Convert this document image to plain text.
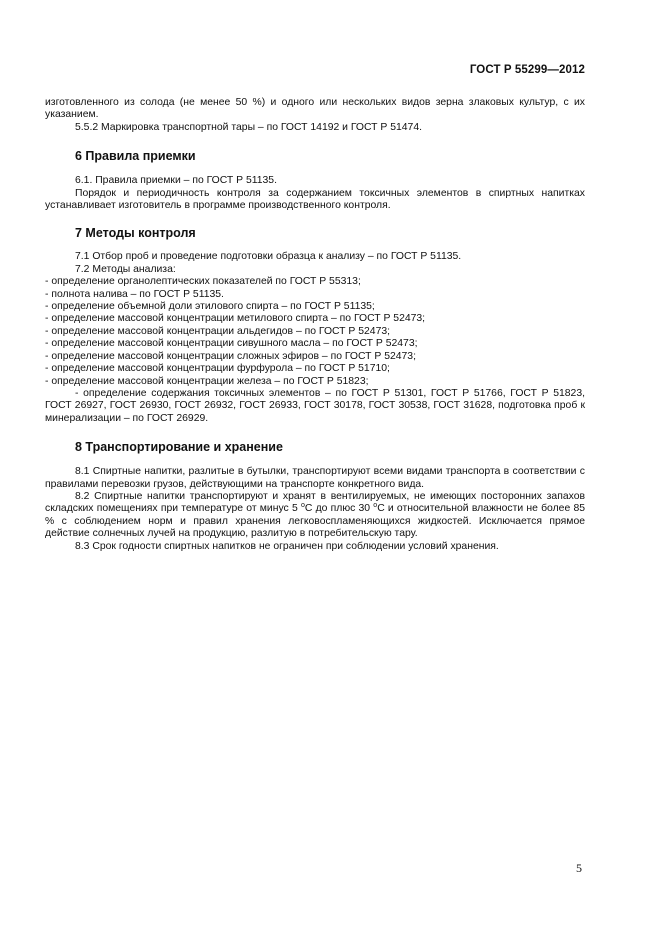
ГОСТ Р 55299—2012

изготовленного из солода (не менее 50 %) и одного или нескольких видов зерна злаковых культур, с их указанием.

5.5.2 Маркировка транспортной тары – по ГОСТ 14192 и ГОСТ Р 51474.

6 Правила приемки

6.1. Правила приемки – по ГОСТ Р 51135.

Порядок и периодичность контроля за содержанием токсичных элементов в спиртных напитках устанавливает изготовитель в программе производственного контроля.

7 Методы контроля

7.1 Отбор проб и проведение подготовки образца к анализу – по ГОСТ Р 51135.

7.2 Методы анализа:

- определение органолептических показателей по ГОСТ Р 55313;

- полнота налива – по ГОСТ Р 51135.

- определение объемной доли этилового спирта – по ГОСТ Р 51135;

- определение массовой концентрации метилового спирта – по ГОСТ Р 52473;

- определение массовой концентрации альдегидов – по ГОСТ Р 52473;

- определение массовой концентрации сивушного масла – по ГОСТ Р 52473;

- определение массовой концентрации сложных эфиров – по ГОСТ Р 52473;

- определение массовой концентрации фурфурола – по ГОСТ Р 51710;

- определение массовой концентрации железа – по ГОСТ Р 51823;

- определение содержания токсичных элементов – по ГОСТ Р 51301, ГОСТ Р 51766, ГОСТ Р 51823, ГОСТ 26927, ГОСТ 26930, ГОСТ 26932, ГОСТ 26933, ГОСТ 30178, ГОСТ 30538, ГОСТ 31628, подготовка проб к минерализации – по ГОСТ 26929.

8 Транспортирование и хранение

8.1 Спиртные напитки, разлитые в бутылки, транспортируют всеми видами транспорта в соответствии с правилами перевозки грузов, действующими на транспорте конкретного вида.

8.2 Спиртные напитки транспортируют и хранят в вентилируемых, не имеющих посторонних запахов складских помещениях при температуре от минус 5 $^о$С до плюс 30 $^о$С и относительной влажности не более 85 % с соблюдением норм и правил хранения легковоспламеняющихся жидкостей. Исключается прямое действие солнечных лучей на продукцию, разлитую в потребительскую тару.

8.3 Срок годности спиртных напитков не ограничен при соблюдении условий хранения.

5
